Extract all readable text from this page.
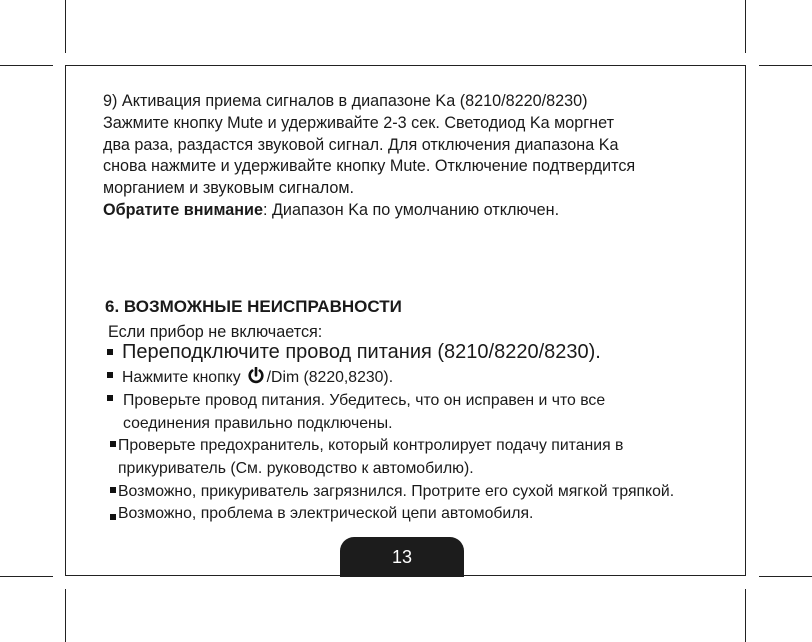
9) Активация приема сигналов в диапазоне Ka (8210/8220/8230)
Зажмите кнопку Mute и удерживайте 2-3 сек. Светодиод Ka моргнет
два раза, раздастся звуковой сигнал. Для отключения диапазона Ka
снова нажмите и удерживайте кнопку Mute. Отключение подтвердится
морганием и звуковым сигналом.
Обратите внимание: Диапазон Ka по умолчанию отключен.
6. ВОЗМОЖНЫЕ НЕИСПРАВНОСТИ
Если прибор не включается:
Переподключите провод питания (8210/8220/8230).
Нажмите кнопку /Dim (8220,8230).
Проверьте провод питания. Убедитесь, что он исправен и что все
соединения правильно подключены.
Проверьте предохранитель, который контролирует подачу питания в
прикуриватель (См. руководство к автомобилю).
Возможно, прикуриватель загрязнился. Протрите его сухой мягкой тряпкой.
Возможно, проблема в электрической цепи автомобиля.
13
